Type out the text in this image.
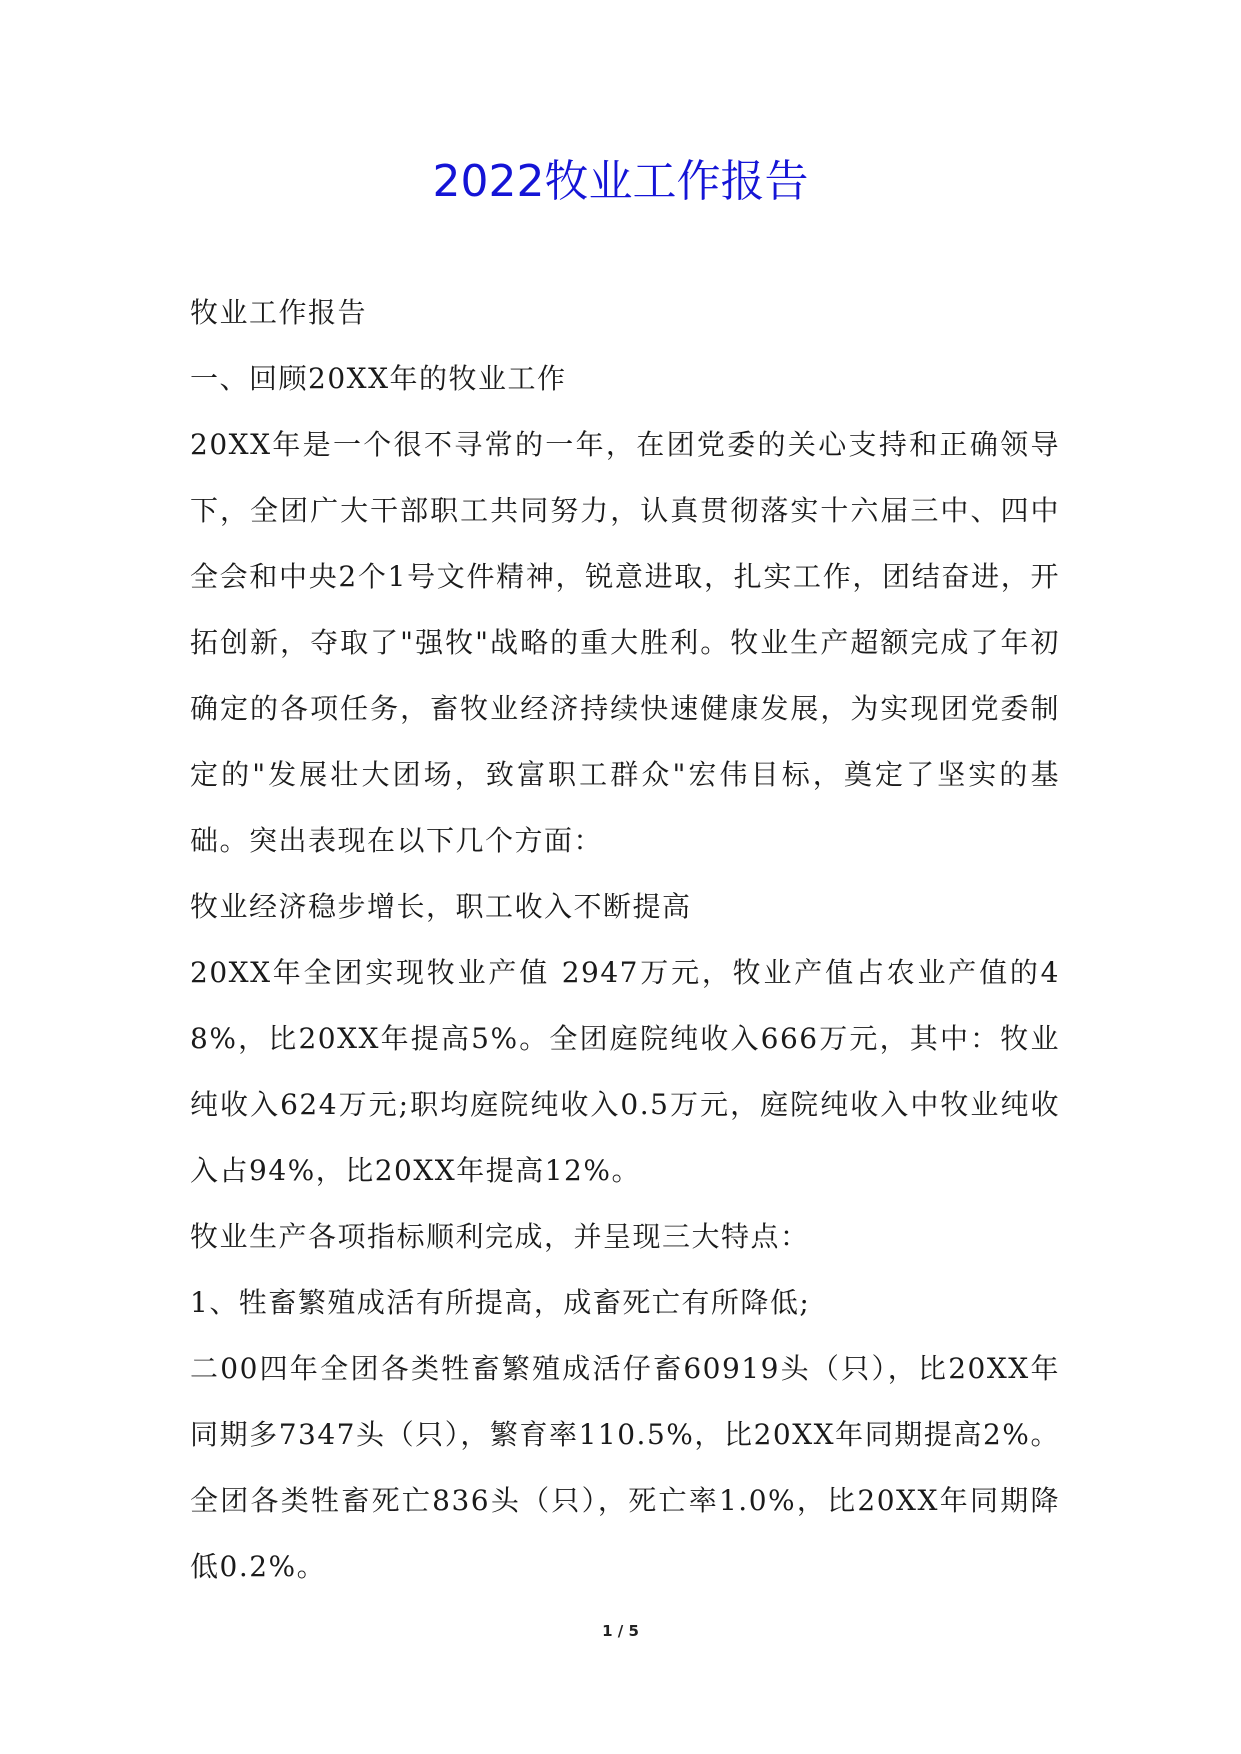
2022牧业工作报告

牧业工作报告

一、回顾20XX年的牧业工作

20XX年是一个很不寻常的一年，在团党委的关心支持和正确领导下，全团广大干部职工共同努力，认真贯彻落实十六届三中、四中全会和中央2个1号文件精神，锐意进取，扎实工作，团结奋进，开拓创新，夺取了"强牧"战略的重大胜利。牧业生产超额完成了年初确定的各项任务，畜牧业经济持续快速健康发展，为实现团党委制定的"发展壮大团场，致富职工群众"宏伟目标，奠定了坚实的基础。突出表现在以下几个方面：

牧业经济稳步增长，职工收入不断提高

20XX年全团实现牧业产值 2947万元，牧业产值占农业产值的48%，比20XX年提高5%。全团庭院纯收入666万元，其中：牧业纯收入624万元;职均庭院纯收入0.5万元，庭院纯收入中牧业纯收入占94%，比20XX年提高12%。

牧业生产各项指标顺利完成，并呈现三大特点：

1、牲畜繁殖成活有所提高，成畜死亡有所降低;

二00四年全团各类牲畜繁殖成活仔畜60919头（只），比20XX年同期多7347头（只），繁育率110.5%，比20XX年同期提高2%。全团各类牲畜死亡836头（只），死亡率1.0%，比20XX年同期降低0.2%。

1 / 5
